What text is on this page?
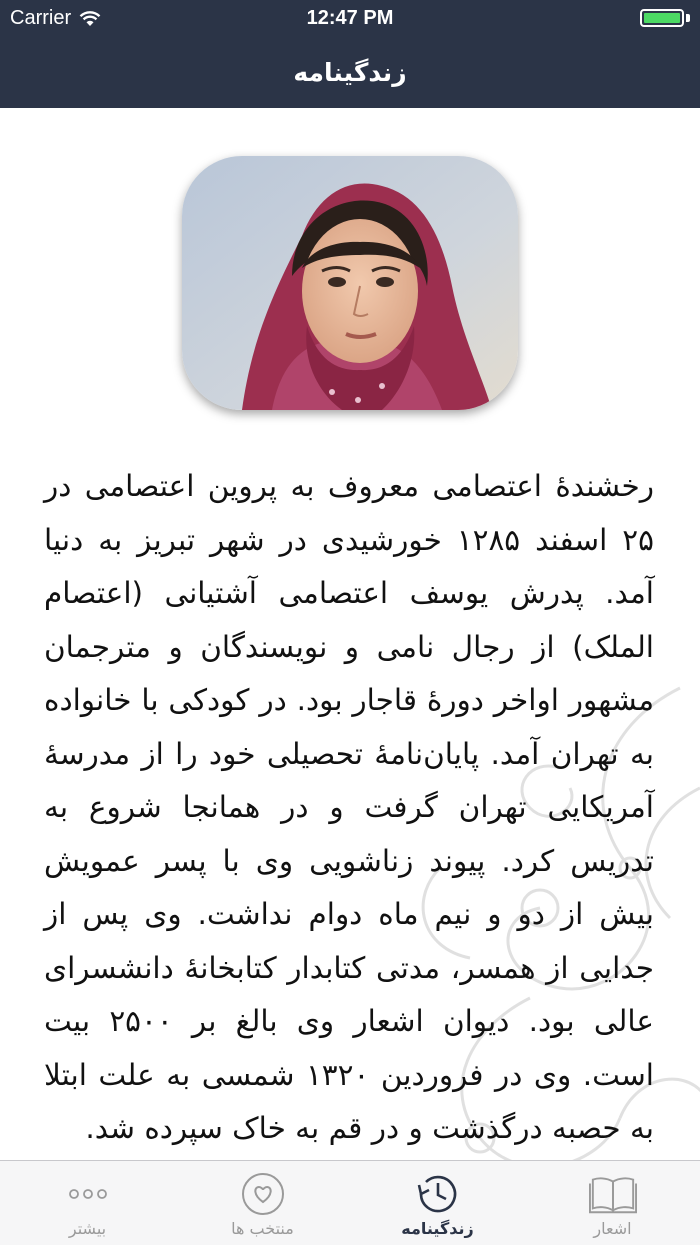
Carrier	12:47 PM
زندگینامه

رخشندهٔ اعتصامی معروف به پروین اعتصامی در ۲۵ اسفند ۱۲۸۵ خورشیدی در شهر تبریز به دنیا آمد. پدرش یوسف اعتصامی آشتیانی (اعتصام الملک) از رجال نامی و نویسندگان و مترجمان مشهور اواخر دورهٔ قاجار بود. در کودکی با خانواده به تهران آمد. پایان‌نامهٔ تحصیلی خود را از مدرسهٔ آمریکایی تهران گرفت و در همانجا شروع به تدریس کرد. پیوند زناشویی وی با پسر عمویش بیش از دو و نیم ماه دوام نداشت. وی پس از جدایی از همسر، مدتی کتابدار کتابخانهٔ دانشسرای عالی بود. دیوان اشعار وی بالغ بر ۲۵۰۰ بیت است. وی در فروردین ۱۳۲۰ شمسی به علت ابتلا به حصبه درگذشت و در قم به خاک سپرده شد.

بیشتر	منتخب ها	زندگینامه	اشعار
